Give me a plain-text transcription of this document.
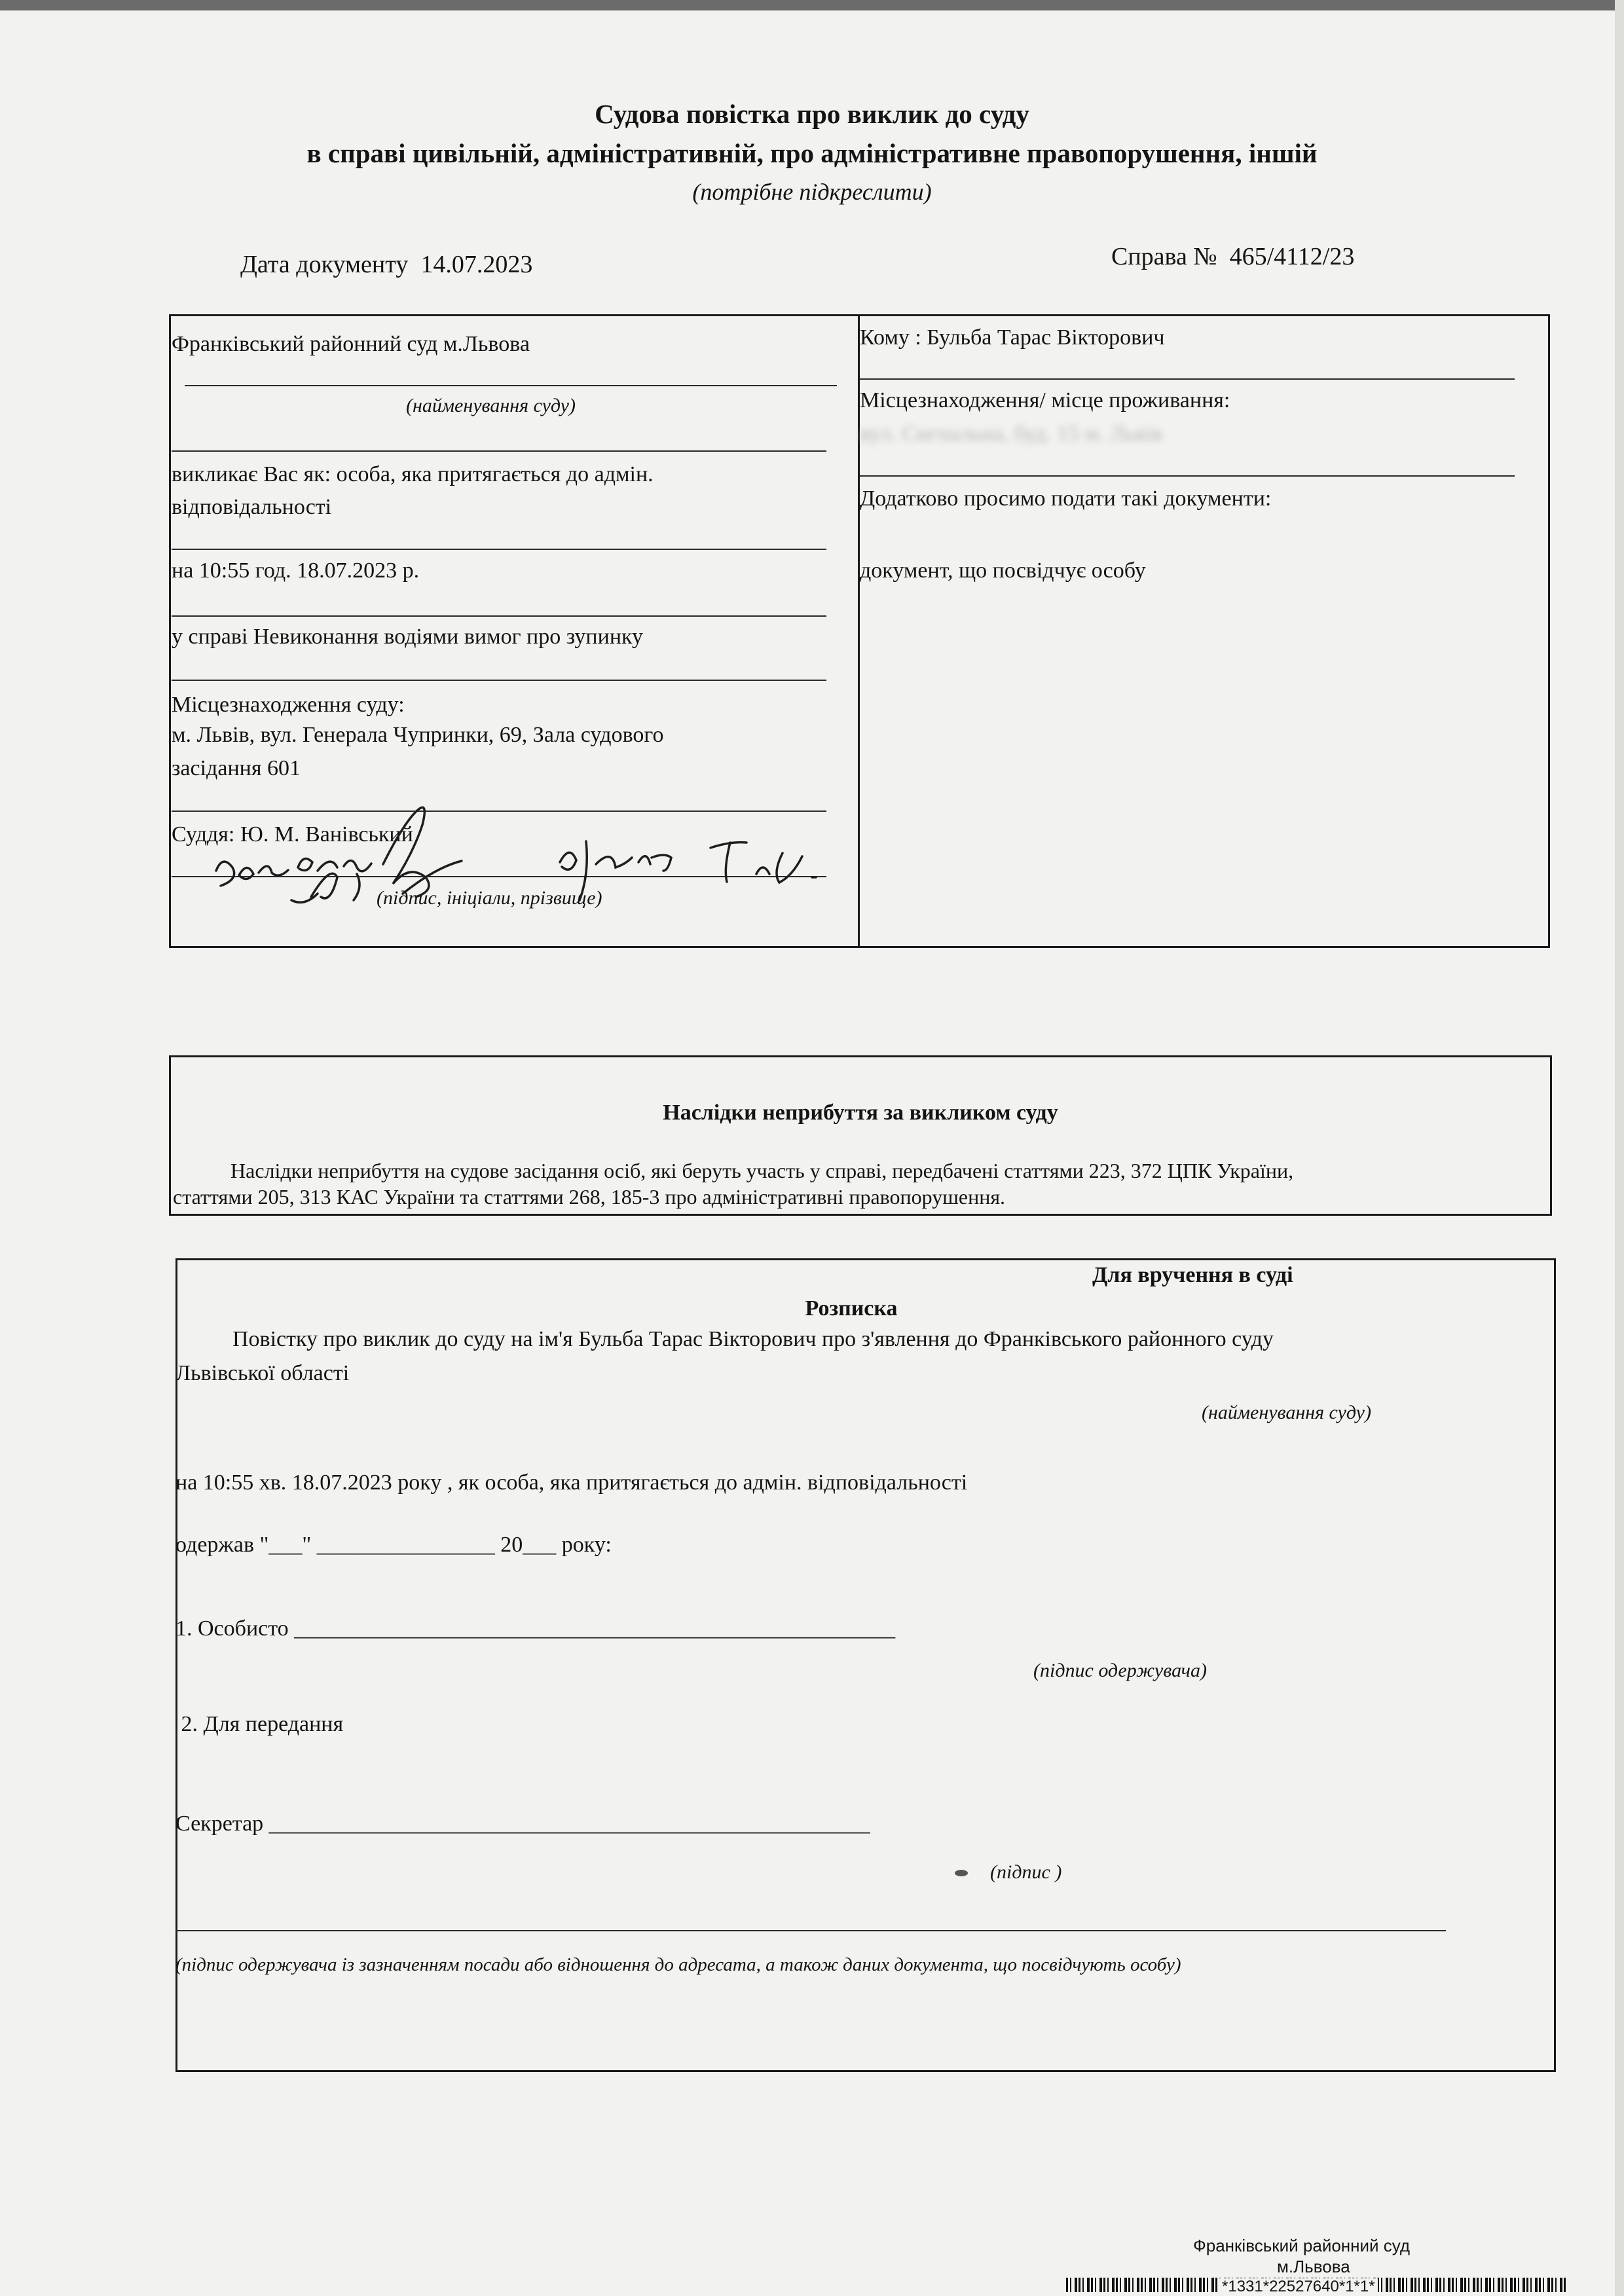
Судова повістка про виклик до суду
в справі цивільній, адміністративній, про адміністративне правопорушення, іншій
(потрібне підкреслити)
Дата документу 14.07.2023	Справа № 465/4112/23
Франківський районний суд м.Львова
(найменування суду)
викликає Вас як: особа, яка притягається до адмін.
відповідальності
на 10:55 год. 18.07.2023 р.
у справі Невиконання водіями вимог про зупинку
Місцезнаходження суду:
м. Львів, вул. Генерала Чупринки, 69, Зала судового
засідання 601
Суддя: Ю. М. Ванівський
(підпис, ініціали, прізвище)
Кому : Бульба Тарас Вікторович
Місцезнаходження/ місце проживання:
вул. Сигнальна, буд. 15 м. Львів
Додатково просимо подати такі документи:
документ, що посвідчує особу
Наслідки неприбуття за викликом суду
Наслідки неприбуття на судове засідання осіб, які беруть участь у справі, передбачені статтями 223, 372 ЦПК України,
статтями 205, 313 КАС України та статтями 268, 185-3 про адміністративні правопорушення.
Для вручення в суді
Розписка
Повістку про виклик до суду на ім'я Бульба Тарас Вікторович про з'явлення до Франківського районного суду
Львівської області
(найменування суду)
на 10:55 хв. 18.07.2023 року , як особа, яка притягається до адмін. відповідальності
одержав "___" ________________ 20___ року:
1. Особисто ______________________________________________________
(підпис одержувача)
2. Для передання
Секретар ______________________________________________________
(підпис )
(підпис одержувача із зазначенням посади або відношення до адресата, а також даних документа, що посвідчують особу)
Франківський районний суд
м.Львова
*1331*22527640*1*1*
